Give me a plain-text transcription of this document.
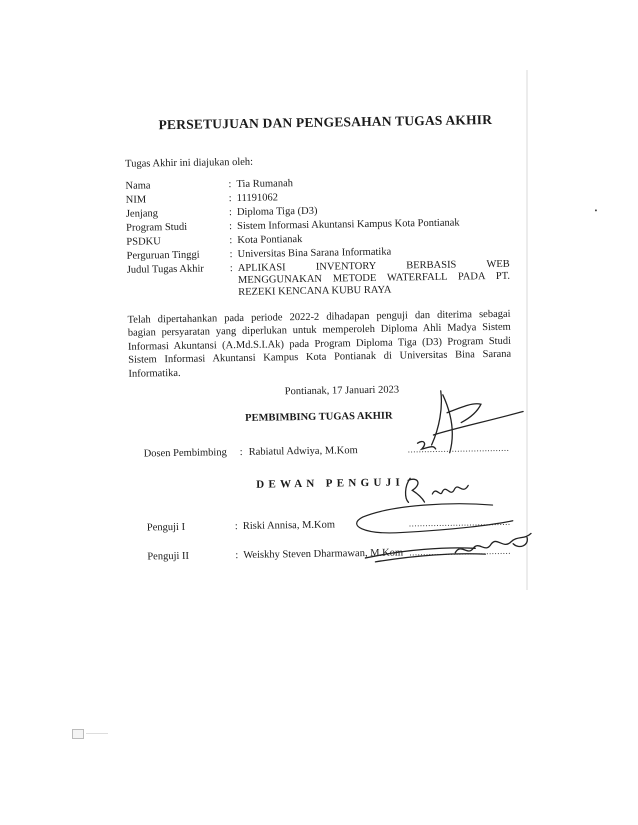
PERSETUJUAN DAN PENGESAHAN TUGAS AKHIR
Tugas Akhir ini diajukan oleh:
Nama	: Tia Rumanah
NIM	: 11191062
Jenjang	: Diploma Tiga (D3)
Program Studi	: Sistem Informasi Akuntansi Kampus Kota Pontianak
PSDKU	: Kota Pontianak
Perguruan Tinggi	: Universitas Bina Sarana Informatika
Judul Tugas Akhir : APLIKASI INVENTORY BERBASIS WEB
MENGGUNAKAN METODE WATERFALL PADA PT.
REZEKI KENCANA KUBU RAYA
Telah dipertahankan pada periode 2022-2 dihadapan penguji dan diterima sebagai
bagian persyaratan yang diperlukan untuk memperoleh Diploma Ahli Madya Sistem
Informasi Akuntansi (A.Md.S.I.Ak) pada Program Diploma Tiga (D3) Program Studi
Sistem Informasi Akuntansi Kampus Kota Pontianak di Universitas Bina Sarana
Informatika.
Pontianak, 17 Januari 2023
PEMBIMBING TUGAS AKHIR
Dosen Pembimbing : Rabiatul Adwiya, M.Kom	.....................................
DEWAN PENGUJI
Penguji I	: Riski Annisa, M.Kom	.....................................
Penguji II	: Weiskhy Steven Dharmawan, M.Kom .....................................
